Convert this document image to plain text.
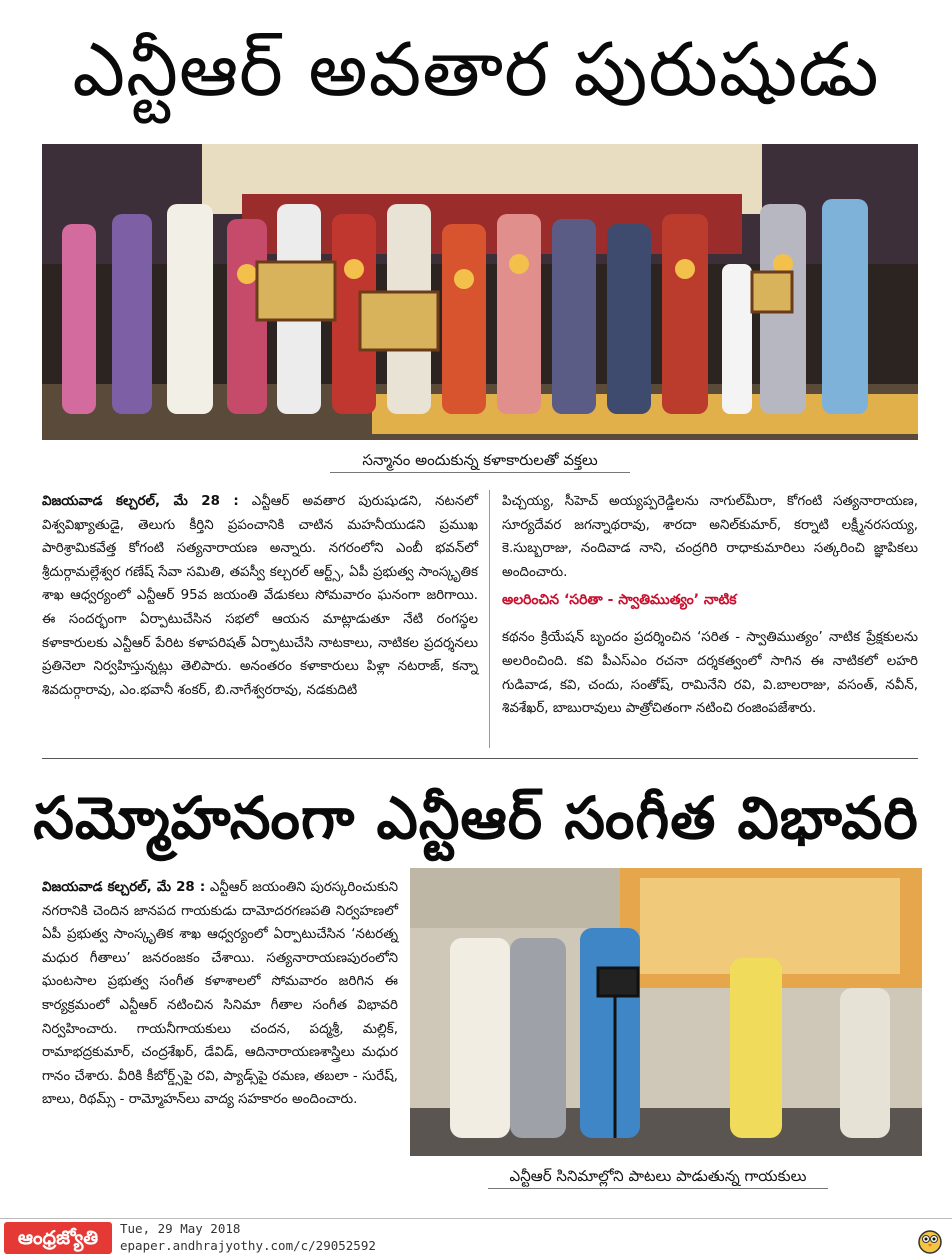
ఎన్టీఆర్ అవతార పురుషుడు
సన్మానం అందుకున్న కళాకారులతో వక్తలు
విజయవాడ కల్చరల్, మే 28 : ఎన్టీఆర్ అవతార పురుషుడని, నటనలో విశ్వవిఖ్యాతుడై, తెలుగు కీర్తిని ప్రపంచానికి చాటిన మహనీయుడని ప్రముఖ పారిశ్రామికవేత్త కోగంటి సత్యనారాయణ అన్నారు. నగరంలోని ఎంబీ భవన్‌లో శ్రీదుర్గామల్లేశ్వర గణేష్ సేవా సమితి, తపస్వీ కల్చరల్ ఆర్ట్స్, ఏపీ ప్రభుత్వ సాంస్కృతిక శాఖ ఆధ్వర్యంలో ఎన్టీఆర్ 95వ జయంతి వేడుకలు సోమవారం ఘనంగా జరిగాయి. ఈ సందర్భంగా ఏర్పాటుచేసిన సభలో ఆయన మాట్లాడుతూ నేటి రంగస్థల కళాకారులకు ఎన్టీఆర్ పేరిట కళాపరిషత్ ఏర్పాటుచేసి నాటకాలు, నాటికల ప్రదర్శనలు ప్రతినెలా నిర్వహిస్తున్నట్లు తెలిపారు. అనంతరం కళాకారులు పిళ్లా నటరాజ్, కన్నా శివదుర్గారావు, ఎం.భవానీ శంకర్, బి.నాగేశ్వరరావు, నడకుదిటి
పిచ్చయ్య, సీహెచ్ అయ్యప్పరెడ్డిలను నాగుల్‌మీరా, కోగంటి సత్యనారాయణ, సూర్యదేవర జగన్నాథరావు, శారదా అనిల్‌కుమార్, కర్నాటి లక్ష్మీనరసయ్య, కె.సుబ్బరాజు, నందివాడ నాని, చంద్రగిరి రాధాకుమారిలు సత్కరించి జ్ఞాపికలు అందించారు.
అలరించిన ‘సరితా - స్వాతిముత్యం’ నాటిక
కథనం క్రియేషన్ బృందం ప్రదర్శించిన ‘సరిత - స్వాతిముత్యం’ నాటిక ప్రేక్షకులను అలరించింది. కవి పీఎస్ఎం రచనా దర్శకత్వంలో సాగిన ఈ నాటికలో లహరి గుడివాడ, కవి, చందు, సంతోష్, రామినేని రవి, వి.బాలరాజు, వసంత్, నవీన్, శివశేఖర్, బాబురావులు పాత్రోచితంగా నటించి రంజింపజేశారు.
సమ్మోహనంగా ఎన్టీఆర్ సంగీత విభావరి
విజయవాడ కల్చరల్, మే 28 : ఎన్టీఆర్ జయంతిని పురస్కరించుకుని నగరానికి చెందిన జానపద గాయకుడు దామోదరగణపతి నిర్వహణలో ఏపీ ప్రభుత్వ సాంస్కృతిక శాఖ ఆధ్వర్యంలో ఏర్పాటుచేసిన ‘నటరత్న మధుర గీతాలు’ జనరంజకం చేశాయి. సత్యనారాయణపురంలోని ఘంటసాల ప్రభుత్వ సంగీత కళాశాలలో సోమవారం జరిగిన ఈ కార్యక్రమంలో ఎన్టీఆర్ నటించిన సినిమా గీతాల సంగీత విభావరి నిర్వహించారు. గాయనీగాయకులు చందన, పద్మశ్రీ, మల్లిక్, రామాభద్రకుమార్, చంద్రశేఖర్, డేవిడ్, ఆదినారాయణశాస్త్రిలు మధుర గానం చేశారు. వీరికి కీబోర్డ్స్‌పై రవి, ప్యాడ్స్‌పై రమణ, తబలా - సురేష్, బాలు, రిథమ్స్ - రామ్మోహన్‌లు వాద్య సహకారం అందించారు.
ఎన్టీఆర్ సినిమాల్లోని పాటలు పాడుతున్న గాయకులు
ఆంధ్రజ్యోతి	Tue, 29 May 2018
epaper.andhrajyothy.com/c/29052592
